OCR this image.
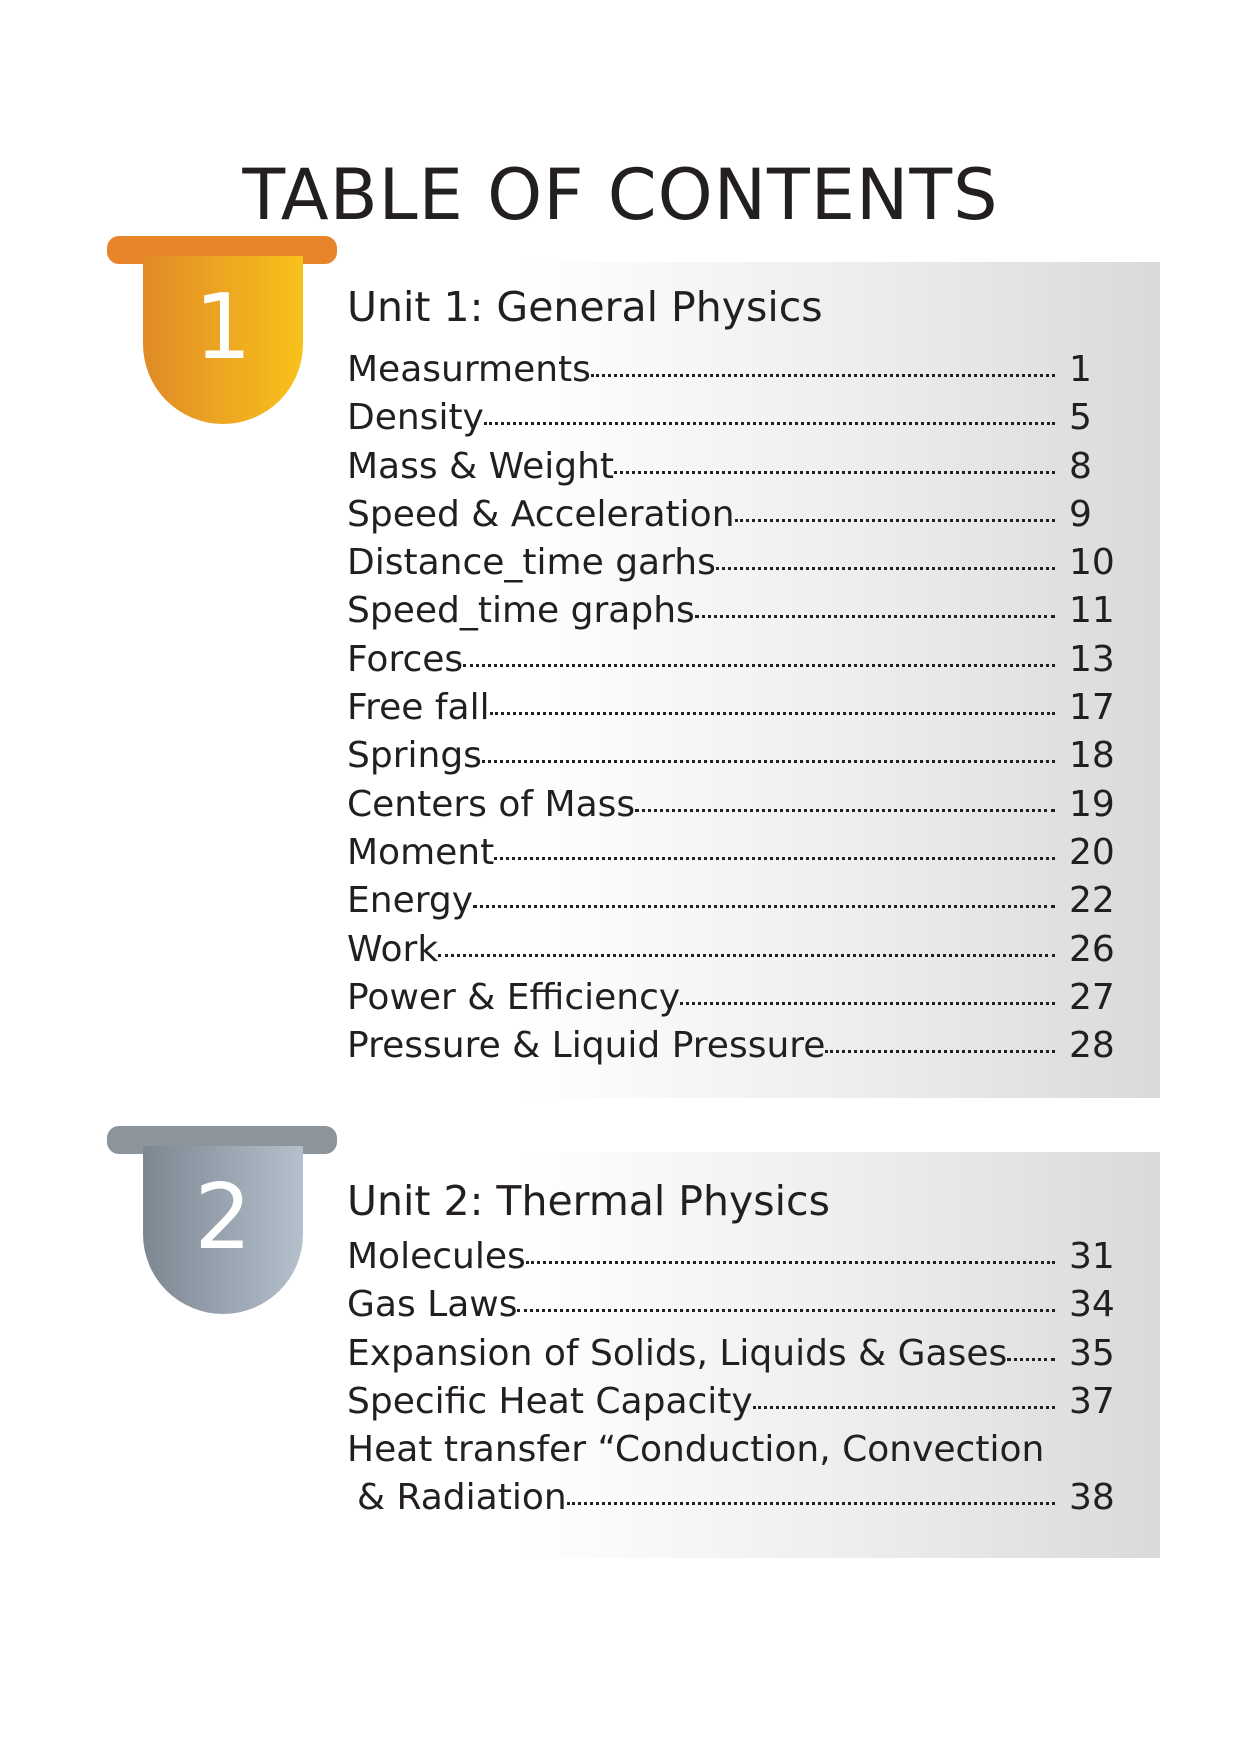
TABLE OF CONTENTS
1
2
Unit 1: General Physics
Measurments	1
Density	5
Mass & Weight	8
Speed & Acceleration	9
Distance_time garhs	10
Speed_time graphs	11
Forces	13
Free fall	17
Springs	18
Centers of Mass	19
Moment	20
Energy	22
Work	26
Power & Efficiency	27
Pressure & Liquid Pressure	28
Unit 2: Thermal Physics
Molecules	31
Gas Laws	34
Expansion of Solids, Liquids & Gases 35
Specific Heat Capacity	37
Heat transfer “Conduction, Convection
& Radiation	38
